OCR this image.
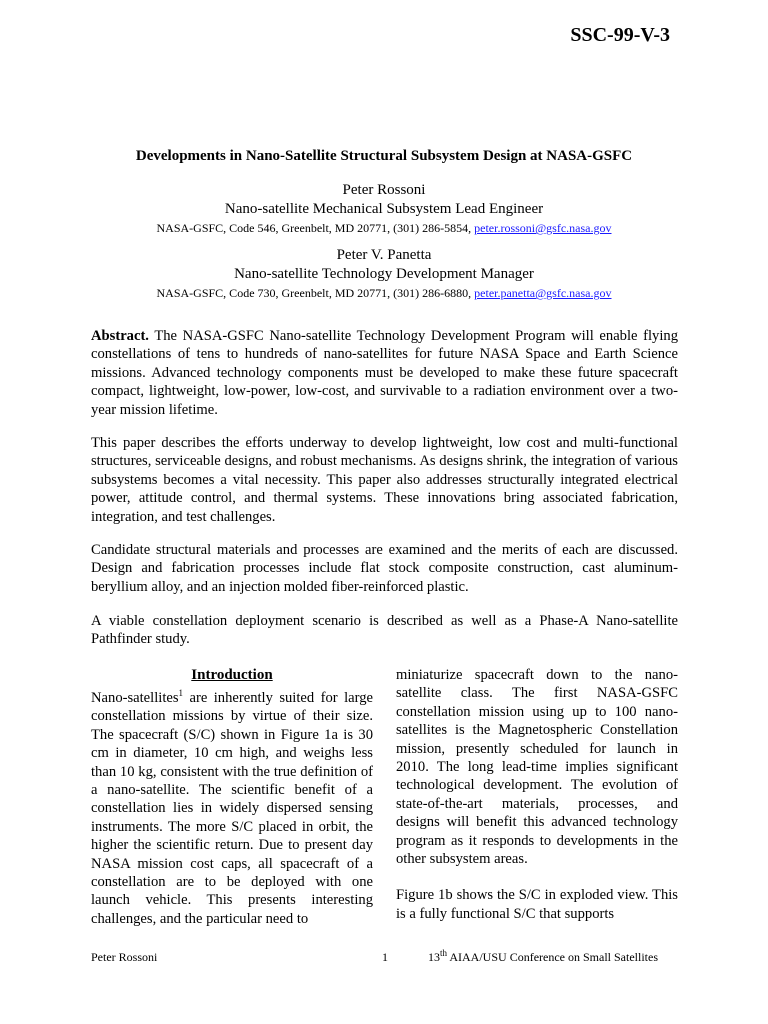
SSC-99-V-3
Developments in Nano-Satellite Structural Subsystem Design at NASA-GSFC
Peter Rossoni
Nano-satellite Mechanical Subsystem Lead Engineer
NASA-GSFC, Code 546, Greenbelt, MD 20771, (301) 286-5854, peter.rossoni@gsfc.nasa.gov
Peter V. Panetta
Nano-satellite Technology Development Manager
NASA-GSFC, Code 730, Greenbelt, MD 20771, (301) 286-6880, peter.panetta@gsfc.nasa.gov

Abstract. The NASA-GSFC Nano-satellite Technology Development Program will enable flying constellations of tens to hundreds of nano-satellites for future NASA Space and Earth Science missions. Advanced technology components must be developed to make these future spacecraft compact, lightweight, low-power, low-cost, and survivable to a radiation environment over a two-year mission lifetime.

This paper describes the efforts underway to develop lightweight, low cost and multi-functional structures, serviceable designs, and robust mechanisms. As designs shrink, the integration of various subsystems becomes a vital necessity. This paper also addresses structurally integrated electrical power, attitude control, and thermal systems. These innovations bring associated fabrication, integration, and test challenges.

Candidate structural materials and processes are examined and the merits of each are discussed. Design and fabrication processes include flat stock composite construction, cast aluminum-beryllium alloy, and an injection molded fiber-reinforced plastic.

A viable constellation deployment scenario is described as well as a Phase-A Nano-satellite Pathfinder study.

Introduction

Nano-satellites$^1$ are inherently suited for large constellation missions by virtue of their size. The spacecraft (S/C) shown in Figure 1a is 30 cm in diameter, 10 cm high, and weighs less than 10 kg, consistent with the true definition of a nano-satellite. The scientific benefit of a constellation lies in widely dispersed sensing instruments. The more S/C placed in orbit, the higher the scientific return. Due to present day NASA mission cost caps, all spacecraft of a constellation are to be deployed with one launch vehicle. This presents interesting challenges, and the particular need to

miniaturize spacecraft down to the nano-satellite class. The first NASA-GSFC constellation mission using up to 100 nano-satellites is the Magnetospheric Constellation mission, presently scheduled for launch in 2010. The long lead-time implies significant technological development. The evolution of state-of-the-art materials, processes, and designs will benefit this advanced technology program as it responds to developments in the other subsystem areas.

Figure 1b shows the S/C in exploded view. This is a fully functional S/C that supports

Peter Rossoni	1	13th AIAA/USU Conference on Small Satellites
